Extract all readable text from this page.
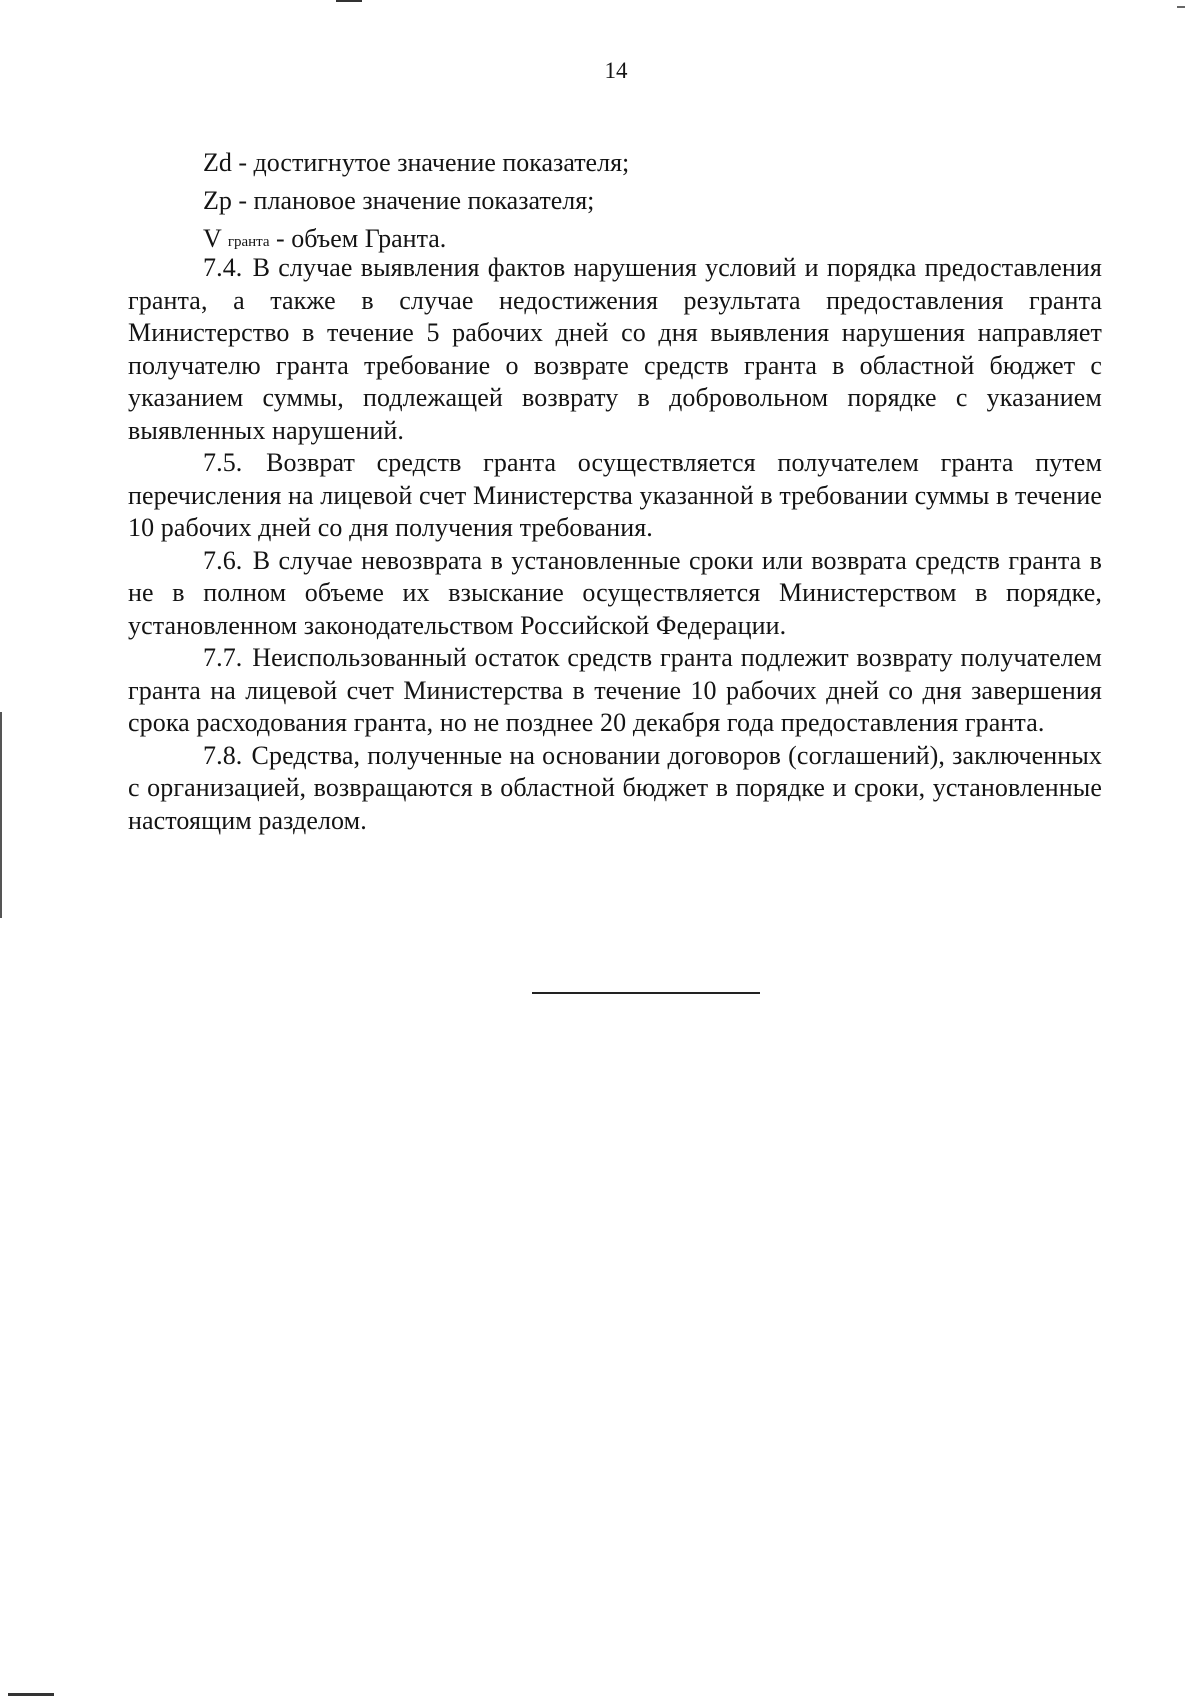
14
Zd - достигнутое значение показателя;
Zp - плановое значение показателя;
V $_{гранта}$ - объем Гранта.

7.4. В случае выявления фактов нарушения условий и порядка предоставления гранта, а также в случае недостижения результата предоставления гранта Министерство в течение 5 рабочих дней со дня выявления нарушения направляет получателю гранта требование о возврате средств гранта в областной бюджет с указанием суммы, подлежащей возврату в добровольном порядке с указанием выявленных нарушений.

7.5. Возврат средств гранта осуществляется получателем гранта путем перечисления на лицевой счет Министерства указанной в требовании суммы в течение 10 рабочих дней со дня получения требования.

7.6. В случае невозврата в установленные сроки или возврата средств гранта в не в полном объеме их взыскание осуществляется Министерством в порядке, установленном законодательством Российской Федерации.

7.7. Неиспользованный остаток средств гранта подлежит возврату получателем гранта на лицевой счет Министерства в течение 10 рабочих дней со дня завершения срока расходования гранта, но не позднее 20 декабря года предоставления гранта.

7.8. Средства, полученные на основании договоров (соглашений), заключенных с организацией, возвращаются в областной бюджет в порядке и сроки, установленные настоящим разделом.
